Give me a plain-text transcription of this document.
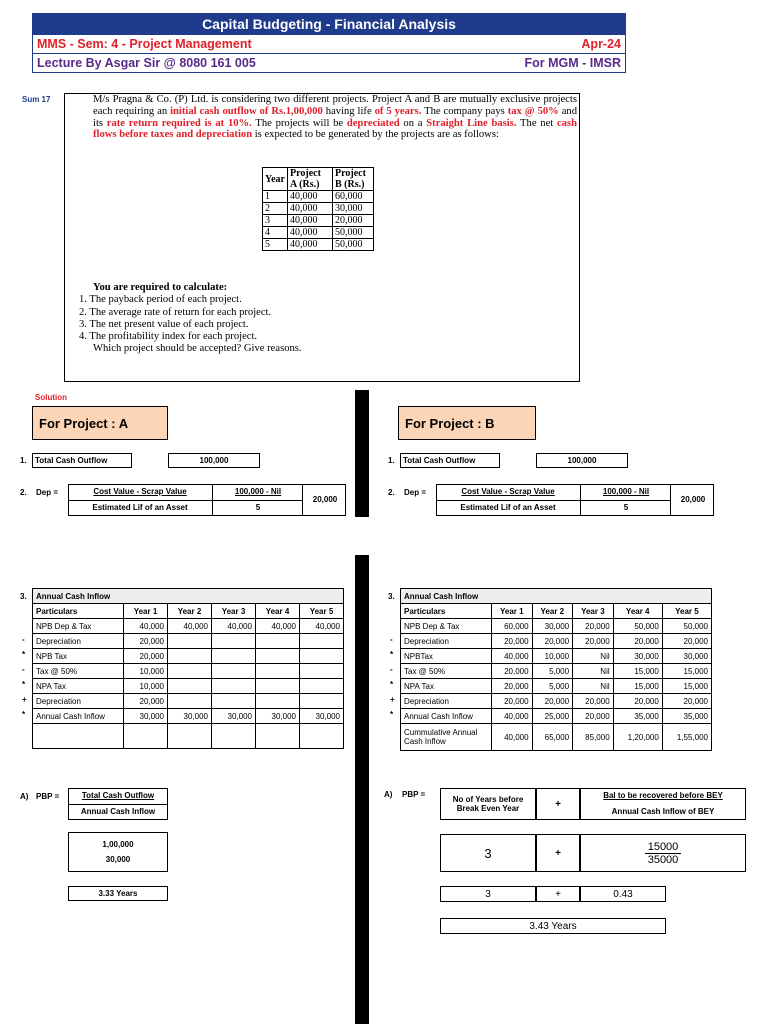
Capital Budgeting - Financial Analysis
MMS - Sem: 4 - Project Management	Apr-24
Lecture By Asgar Sir @ 8080 161 005	For MGM - IMSR
Sum 17	M/s Pragna & Co. (P) Ltd. is considering two different projects. Project A and B are mutually exclusive projects each requiring an initial cash outflow of Rs.1,00,000 having life of 5 years. The company pays tax @ 50% and its rate return required is at 10%. The projects will be depreciated on a Straight Line basis. The net cash flows before taxes and depreciation is expected to be generated by the projects are as follows:
Year	Project A (Rs.)	Project B (Rs.)
1	40,000	60,000
2	40,000	30,000
3	40,000	20,000
4	40,000	50,000
5	40,000	50,000
You are required to calculate:
1. The payback period of each project.
2. The average rate of return for each project.
3. The net present value of each project.
4. The profitability index for each project.
Which project should be accepted? Give reasons.
Solution
For Project : A
1.	Total Cash Outflow	100,000
2. Dep =	Cost Value - Scrap Value
Estimated Lif of an Asset
100,000 - Nil
5
20,000
3. Annual Cash Inflow					
Particulars	Year 1	Year 2	Year 3	Year 4	Year 5
NPB Dep & Tax	40,000	40,000	40,000	40,000	40,000
Depreciation	20,000				
NPB Tax	20,000				
Tax @ 50%	10,000				
NPA Tax	10,000				
Depreciation	20,000				
Annual Cash Inflow	30,000	30,000	30,000	30,000	30,000

-
*
-
*
+
*
A) PBP =	Total Cash Outflow
Annual Cash Inflow
1,00,000
30,000
3.33 Years
For Project : B
1.	Total Cash Outflow	100,000
2. Dep =	Cost Value - Scrap Value
Estimated Lif of an Asset
100,000 - Nil
5
20,000
3. Annual Cash Inflow					
Particulars	Year 1	Year 2	Year 3	Year 4	Year 5
NPB Dep & Tax	60,000	30,000	20,000	50,000	50,000
Depreciation	20,000	20,000	20,000	20,000	20,000
NPBTax	40,000	10,000	Nil	30,000	30,000
Tax @ 50%	20,000	5,000	Nil	15,000	15,000
NPA Tax	20,000	5,000	Nil	15,000	15,000
Depreciation	20,000	20,000	20,000	20,000	20,000
Annual Cash Inflow	40,000	25,000	20,000	35,000	35,000
Cummulative Annual Cash Inflow	40,000	65,000	85,000	1,20,000	1,55,000
-
*
-
*
+
*
A) PBP =
No of Years before Break Even Year	+
Bal to be recovered before BEY
Annual Cash Inflow of BEY
3	+
15000
35000
3	+	0.43
3.43 Years
